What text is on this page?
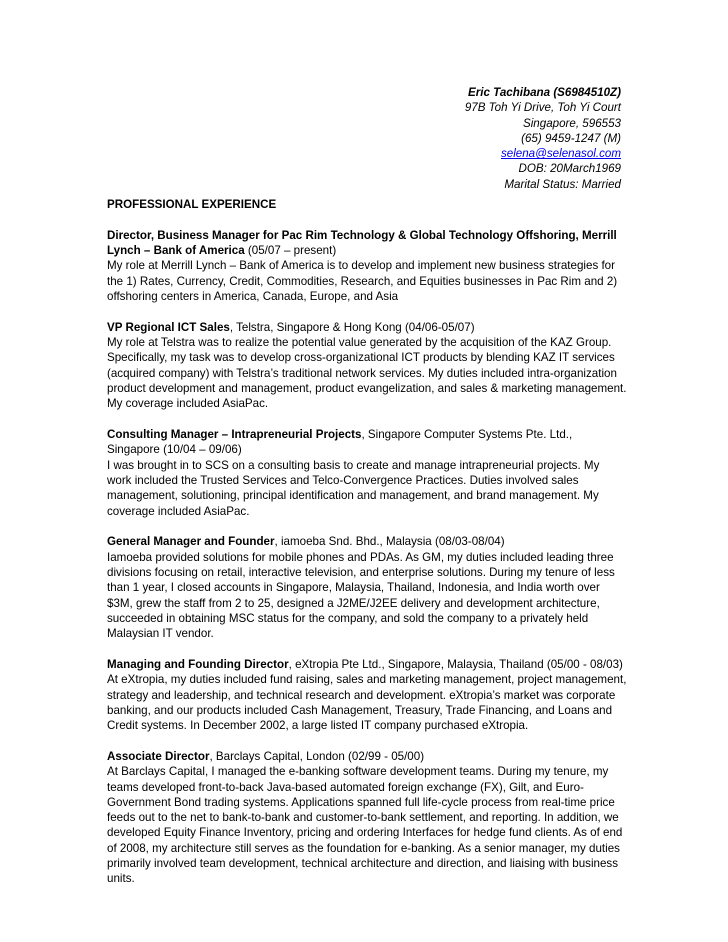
Eric Tachibana (S6984510Z)
97B Toh Yi Drive, Toh Yi Court
Singapore, 596553
(65) 9459-1247 (M)
selena@selenasol.com
DOB: 20March1969
Marital Status: Married
PROFESSIONAL EXPERIENCE

Director, Business Manager for Pac Rim Technology & Global Technology Offshoring, Merrill Lynch – Bank of America (05/07 – present)

My role at Merrill Lynch – Bank of America is to develop and implement new business strategies for the 1) Rates, Currency, Credit, Commodities, Research, and Equities businesses in Pac Rim and 2) offshoring centers in America, Canada, Europe, and Asia

VP Regional ICT Sales, Telstra, Singapore & Hong Kong (04/06-05/07)

My role at Telstra was to realize the potential value generated by the acquisition of the KAZ Group. Specifically, my task was to develop cross-organizational ICT products by blending KAZ IT services (acquired company) with Telstra’s traditional network services. My duties included intra-organization product development and management, product evangelization, and sales & marketing management. My coverage included AsiaPac.

Consulting Manager – Intrapreneurial Projects, Singapore Computer Systems Pte. Ltd., Singapore (10/04 – 09/06)

I was brought in to SCS on a consulting basis to create and manage intrapreneurial projects. My work included the Trusted Services and Telco-Convergence Practices. Duties involved sales management, solutioning, principal identification and management, and brand management. My coverage included AsiaPac.

General Manager and Founder, iamoeba Snd. Bhd., Malaysia (08/03-08/04)

Iamoeba provided solutions for mobile phones and PDAs. As GM, my duties included leading three divisions focusing on retail, interactive television, and enterprise solutions. During my tenure of less than 1 year, I closed accounts in Singapore, Malaysia, Thailand, Indonesia, and India worth over $3M, grew the staff from 2 to 25, designed a J2ME/J2EE delivery and development architecture, succeeded in obtaining MSC status for the company, and sold the company to a privately held Malaysian IT vendor.

Managing and Founding Director, eXtropia Pte Ltd., Singapore, Malaysia, Thailand (05/00 - 08/03)

At eXtropia, my duties included fund raising, sales and marketing management, project management, strategy and leadership, and technical research and development. eXtropia’s market was corporate banking, and our products included Cash Management, Treasury, Trade Financing, and Loans and Credit systems. In December 2002, a large listed IT company purchased eXtropia.

Associate Director, Barclays Capital, London (02/99 - 05/00)

At Barclays Capital, I managed the e-banking software development teams. During my tenure, my teams developed front-to-back Java-based automated foreign exchange (FX), Gilt, and Euro-Government Bond trading systems. Applications spanned full life-cycle process from real-time price feeds out to the net to bank-to-bank and customer-to-bank settlement, and reporting. In addition, we developed Equity Finance Inventory, pricing and ordering Interfaces for hedge fund clients. As of end of 2008, my architecture still serves as the foundation for e-banking. As a senior manager, my duties primarily involved team development, technical architecture and direction, and liaising with business units.
